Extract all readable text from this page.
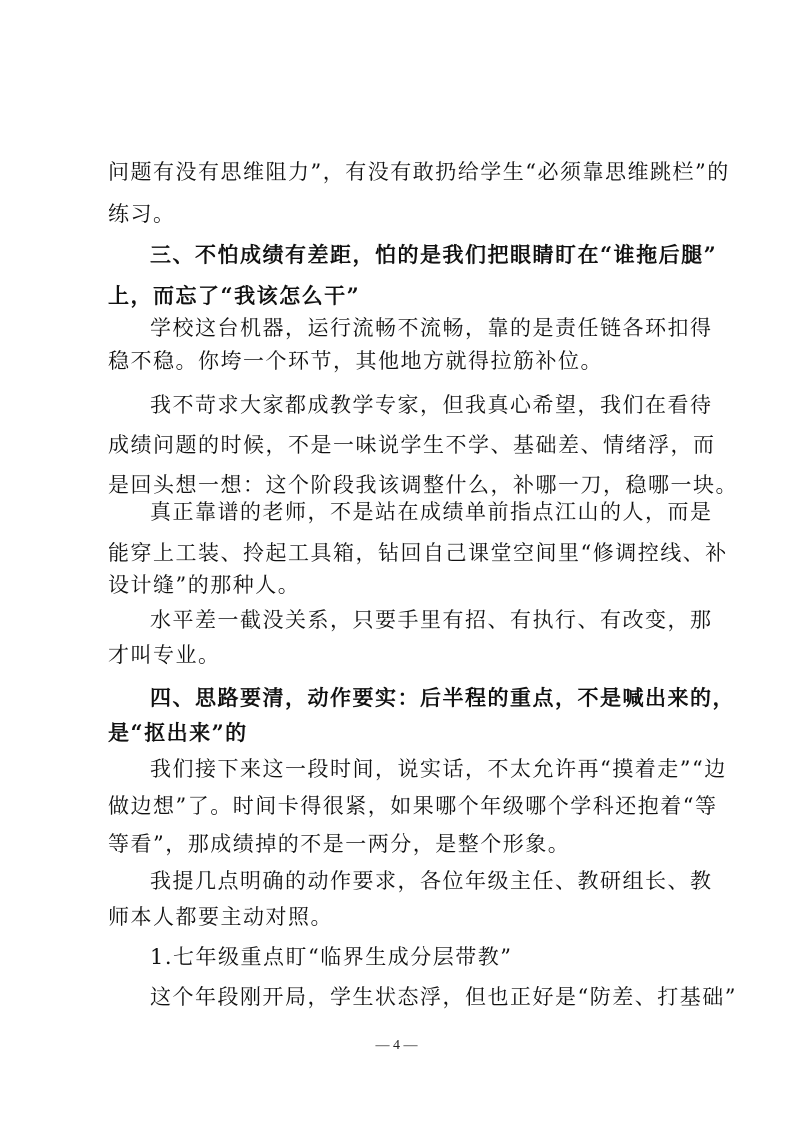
问题有没有思维阻力”，有没有敢扔给学生“必须靠思维跳栏”的
练习。
三、不怕成绩有差距，怕的是我们把眼睛盯在“谁拖后腿”
上，而忘了“我该怎么干”
学校这台机器，运行流畅不流畅，靠的是责任链各环扣得
稳不稳。你垮一个环节，其他地方就得拉筋补位。
我不苛求大家都成教学专家，但我真心希望，我们在看待
成绩问题的时候，不是一味说学生不学、基础差、情绪浮，而
是回头想一想：这个阶段我该调整什么，补哪一刀，稳哪一块。
真正靠谱的老师，不是站在成绩单前指点江山的人，而是
能穿上工装、拎起工具箱，钻回自己课堂空间里“修调控线、补
设计缝”的那种人。
水平差一截没关系，只要手里有招、有执行、有改变，那
才叫专业。
四、思路要清，动作要实：后半程的重点，不是喊出来的，
是“抠出来”的
我们接下来这一段时间，说实话，不太允许再“摸着走”“边
做边想”了。时间卡得很紧，如果哪个年级哪个学科还抱着“等
等看”，那成绩掉的不是一两分，是整个形象。
我提几点明确的动作要求，各位年级主任、教研组长、教
师本人都要主动对照。
1.七年级重点盯“临界生成分层带教”
这个年段刚开局，学生状态浮，但也正好是“防差、打基础”
— 4 —
